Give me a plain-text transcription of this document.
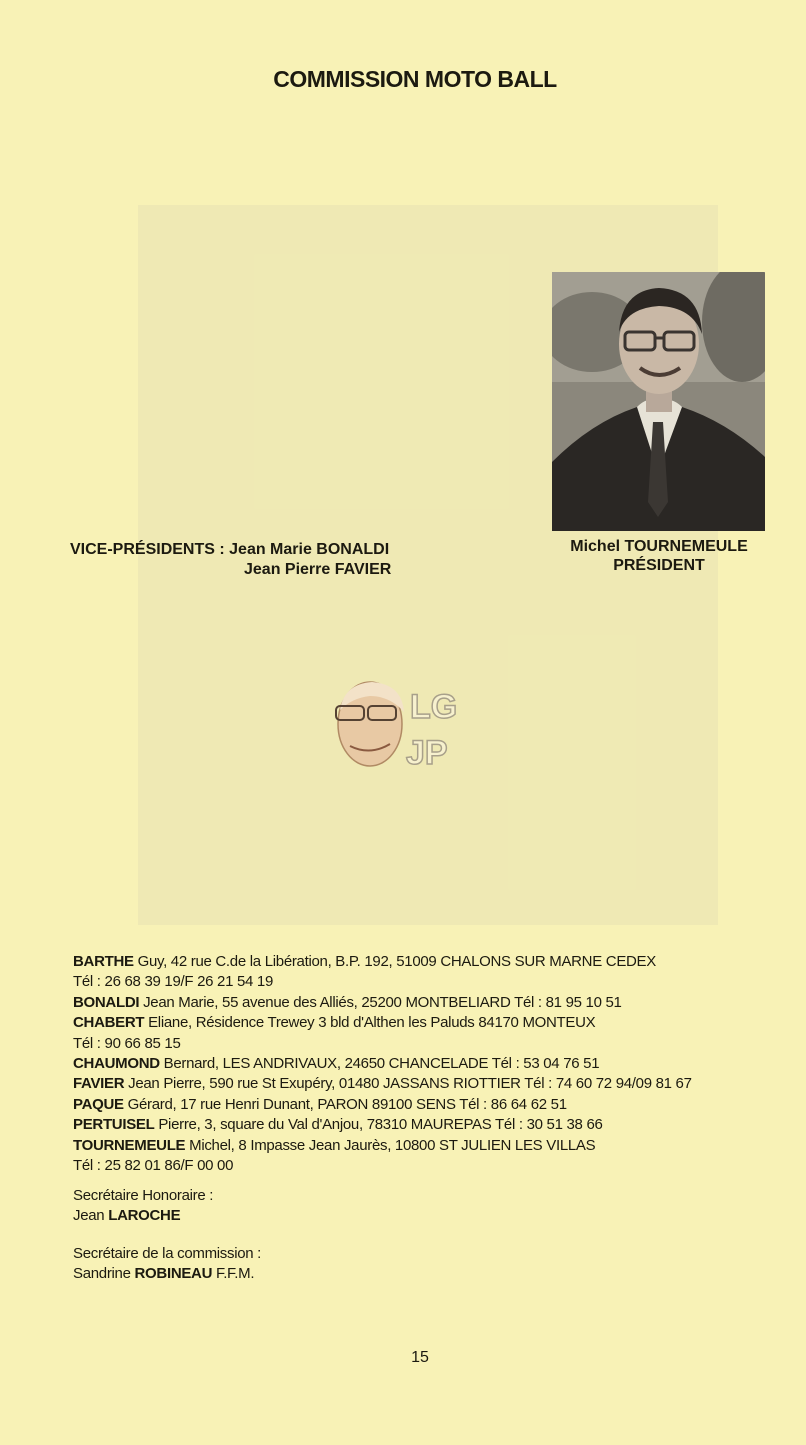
COMMISSION MOTO BALL
Michel TOURNEMEULE
PRÉSIDENT
VICE-PRÉSIDENTS : Jean Marie BONALDI
Jean Pierre FAVIER
LG
JP
BARTHE Guy, 42 rue C.de la Libération, B.P. 192, 51009 CHALONS SUR MARNE CEDEX
Tél : 26 68 39 19/F 26 21 54 19
BONALDI Jean Marie, 55 avenue des Alliés, 25200 MONTBELIARD Tél : 81 95 10 51
CHABERT Eliane, Résidence Trewey 3 bld d'Althen les Paluds 84170 MONTEUX
Tél : 90 66 85 15
CHAUMOND Bernard, LES ANDRIVAUX, 24650 CHANCELADE Tél : 53 04 76 51
FAVIER Jean Pierre, 590 rue St Exupéry, 01480 JASSANS RIOTTIER Tél : 74 60 72 94/09 81 67
PAQUE Gérard, 17 rue Henri Dunant, PARON 89100 SENS Tél : 86 64 62 51
PERTUISEL Pierre, 3, square du Val d'Anjou, 78310 MAUREPAS Tél : 30 51 38 66
TOURNEMEULE Michel, 8 Impasse Jean Jaurès, 10800 ST JULIEN LES VILLAS
Tél : 25 82 01 86/F 00 00
Secrétaire Honoraire :
Jean LAROCHE
Secrétaire de la commission :
Sandrine ROBINEAU F.F.M.
15
